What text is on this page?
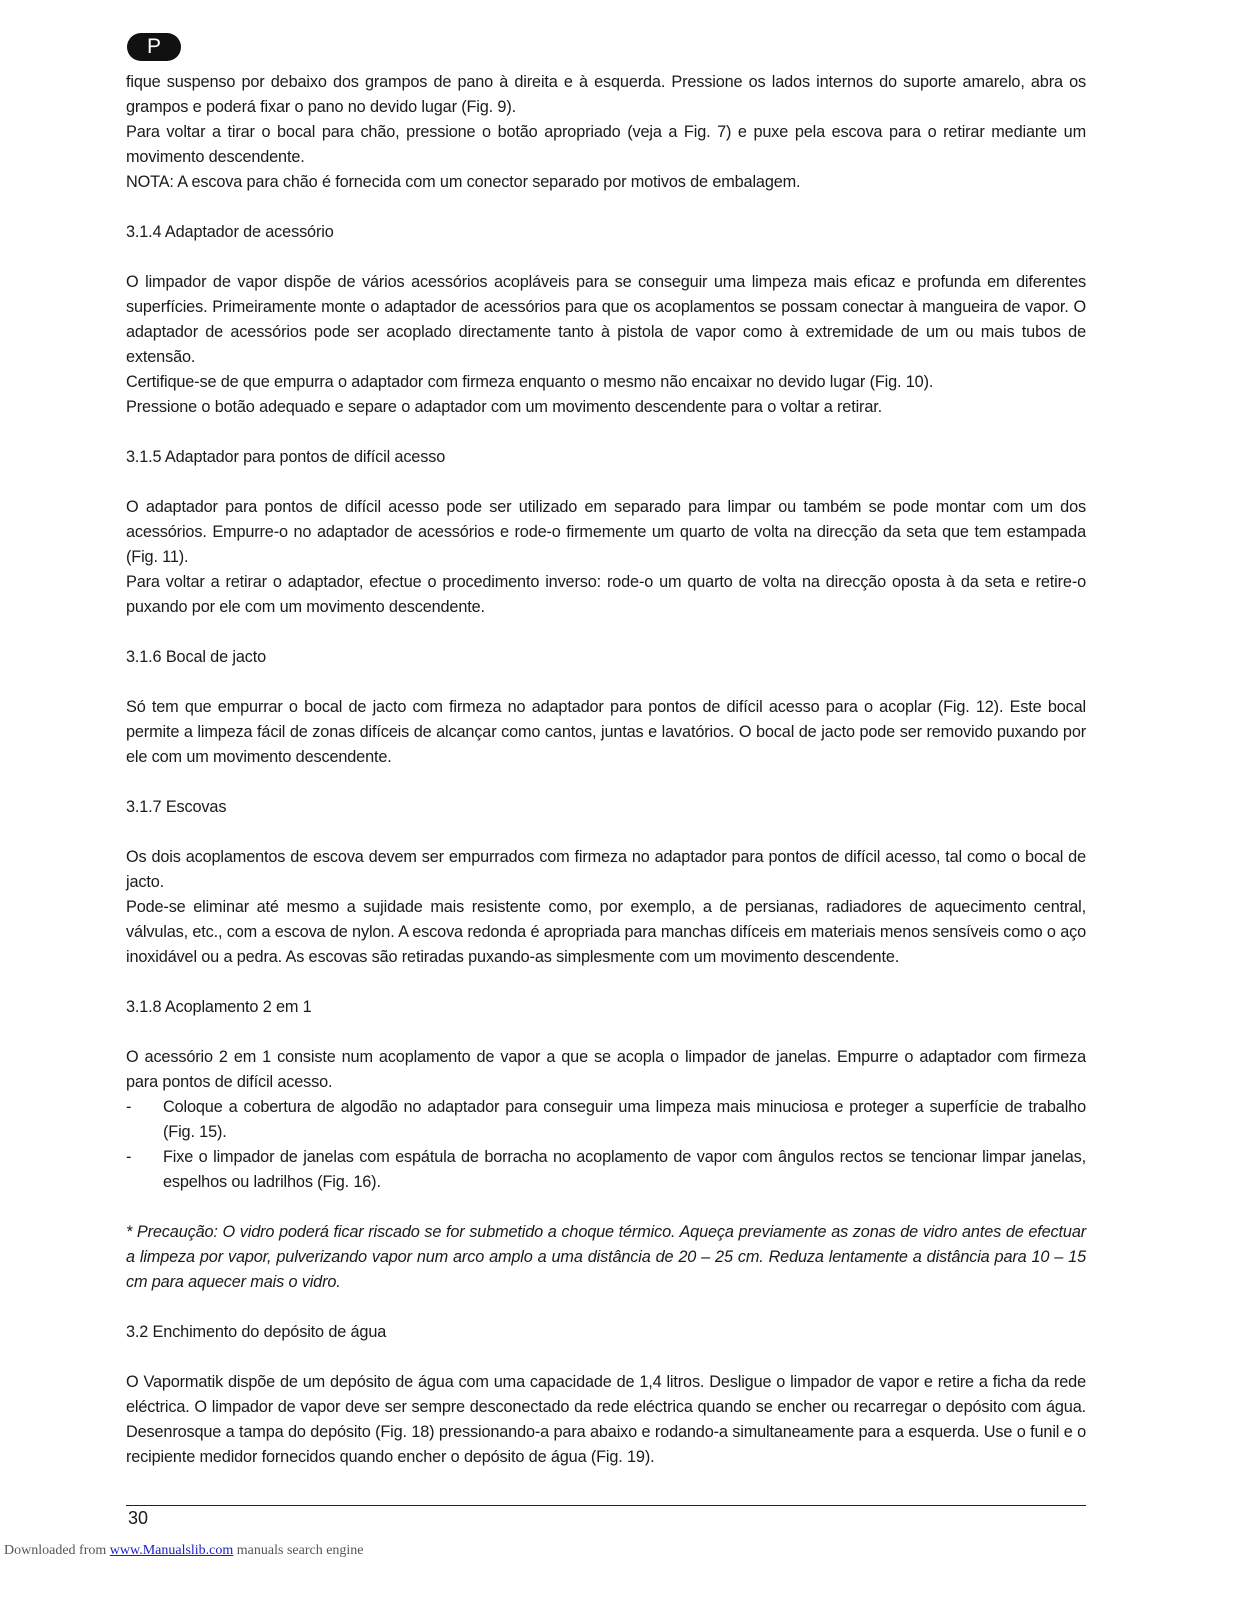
P

fique suspenso por debaixo dos grampos de pano à direita e à esquerda. Pressione os lados internos do suporte amarelo, abra os grampos e poderá fixar o pano no devido lugar (Fig. 9).

Para voltar a tirar o bocal para chão, pressione o botão apropriado (veja a Fig. 7) e puxe pela escova para o retirar mediante um movimento descendente.

NOTA: A escova para chão é fornecida com um conector separado por motivos de embalagem.

3.1.4 Adaptador de acessório

O limpador de vapor dispõe de vários acessórios acopláveis para se conseguir uma limpeza mais eficaz e profunda em diferentes superfícies. Primeiramente monte o adaptador de acessórios para que os acoplamentos se possam conectar à mangueira de vapor. O adaptador de acessórios pode ser acoplado directamente tanto à pistola de vapor como à extremidade de um ou mais tubos de extensão.

Certifique-se de que empurra o adaptador com firmeza enquanto o mesmo não encaixar no devido lugar (Fig. 10).

Pressione o botão adequado e separe o adaptador com um movimento descendente para o voltar a retirar.

3.1.5 Adaptador para pontos de difícil acesso

O adaptador para pontos de difícil acesso pode ser utilizado em separado para limpar ou também se pode montar com um dos acessórios. Empurre-o no adaptador de acessórios e rode-o firmemente um quarto de volta na direcção da seta que tem estampada (Fig. 11).

Para voltar a retirar o adaptador, efectue o procedimento inverso: rode-o um quarto de volta na direcção oposta à da seta e retire-o puxando por ele com um movimento descendente.

3.1.6 Bocal de jacto

Só tem que empurrar o bocal de jacto com firmeza no adaptador para pontos de difícil acesso para o acoplar (Fig. 12). Este bocal permite a limpeza fácil de zonas difíceis de alcançar como cantos, juntas e lavatórios. O bocal de jacto pode ser removido puxando por ele com um movimento descendente.

3.1.7 Escovas

Os dois acoplamentos de escova devem ser empurrados com firmeza no adaptador para pontos de difícil acesso, tal como o bocal de jacto.

Pode-se eliminar até mesmo a sujidade mais resistente como, por exemplo, a de persianas, radiadores de aquecimento central, válvulas, etc., com a escova de nylon. A escova redonda é apropriada para manchas difíceis em materiais menos sensíveis como o aço inoxidável ou a pedra. As escovas são retiradas puxando-as simplesmente com um movimento descendente.

3.1.8 Acoplamento 2 em 1

O acessório 2 em 1 consiste num acoplamento de vapor a que se acopla o limpador de janelas. Empurre o adaptador com firmeza para pontos de difícil acesso.

-	Coloque a cobertura de algodão no adaptador para conseguir uma limpeza mais minuciosa e proteger a superfície de trabalho (Fig. 15).
-	Fixe o limpador de janelas com espátula de borracha no acoplamento de vapor com ângulos rectos se tencionar limpar janelas, espelhos ou ladrilhos (Fig. 16).

* Precaução: O vidro poderá ficar riscado se for submetido a choque térmico. Aqueça previamente as zonas de vidro antes de efectuar a limpeza por vapor, pulverizando vapor num arco amplo a uma distância de 20 – 25 cm. Reduza lentamente a distância para 10 – 15 cm para aquecer mais o vidro.

3.2 Enchimento do depósito de água

O Vapormatik dispõe de um depósito de água com uma capacidade de 1,4 litros. Desligue o limpador de vapor e retire a ficha da rede eléctrica. O limpador de vapor deve ser sempre desconectado da rede eléctrica quando se encher ou recarregar o depósito com água. Desenrosque a tampa do depósito (Fig. 18) pressionando-a para abaixo e rodando-a simultaneamente para a esquerda. Use o funil e o recipiente medidor fornecidos quando encher o depósito de água (Fig. 19).

30
Downloaded from www.Manualslib.com manuals search engine
